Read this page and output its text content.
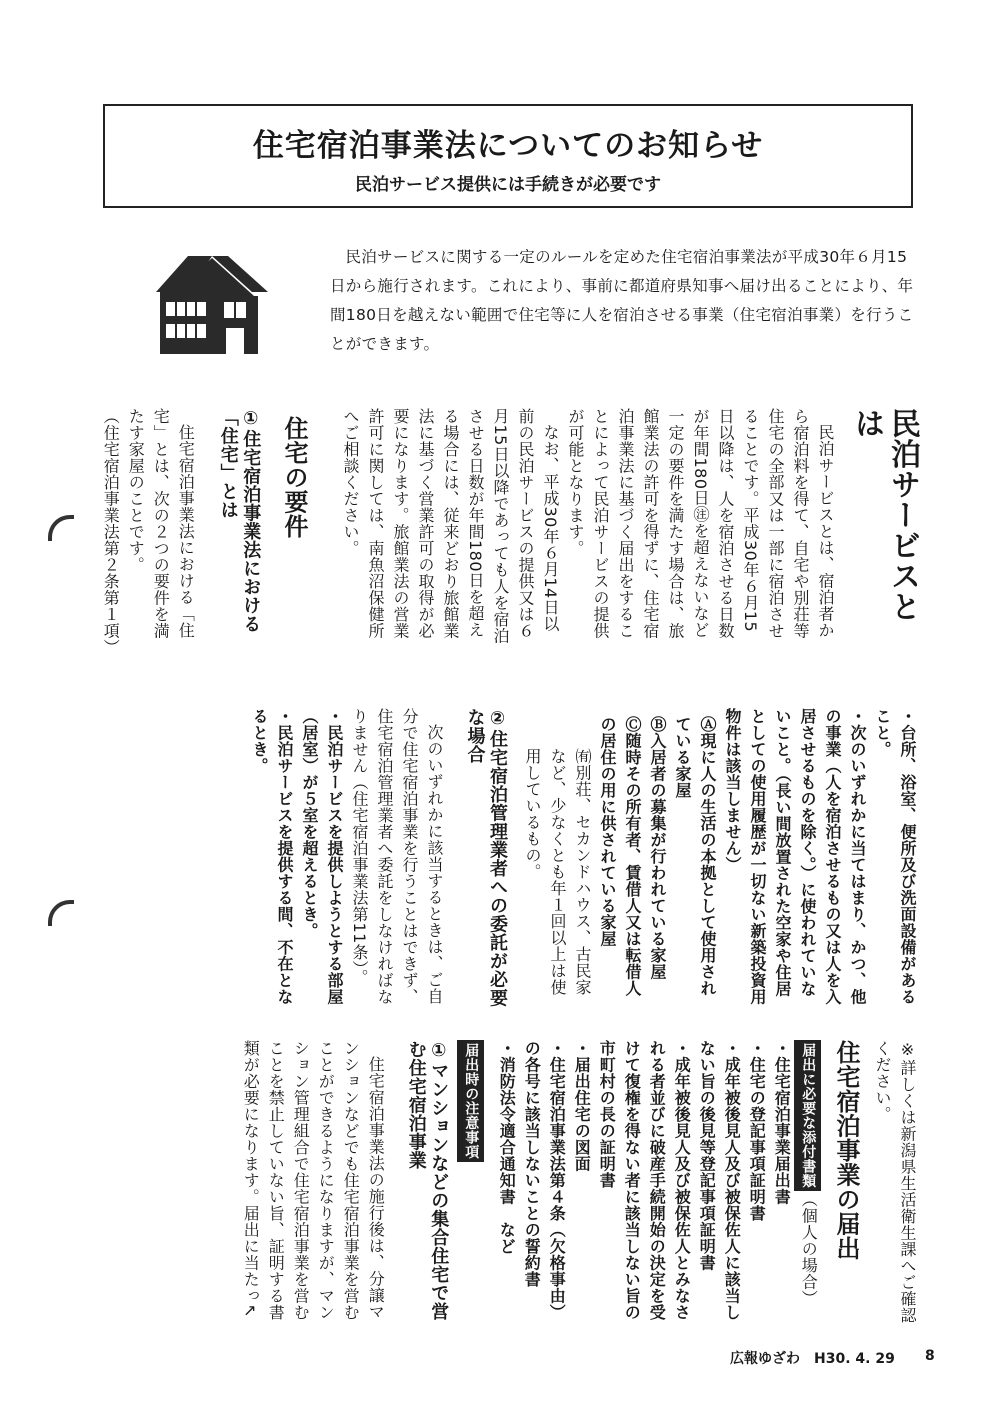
住宅宿泊事業法についてのお知らせ
民泊サービス提供には手続きが必要です

民泊サービスに関する一定のルールを定めた住宅宿泊事業法が平成30年６月15日から施行されます。これにより、事前に都道府県知事へ届け出ることにより、年間180日を越えない範囲で住宅等に人を宿泊させる事業（住宅宿泊事業）を行うことができます。

民泊サービスとは
民泊サービスとは、宿泊者から宿泊料を得て、自宅や別荘等住宅の全部又は一部に宿泊させることです。平成30年６月15日以降は、人を宿泊させる日数が年間180日㊟を超えないなど一定の要件を満たす場合は、旅館業法の許可を得ずに、住宅宿泊事業法に基づく届出をすることによって民泊サービスの提供が可能となります。
なお、平成30年６月14日以前の民泊サービスの提供又は６月15日以降であっても人を宿泊させる日数が年間180日を超える場合には、従来どおり旅館業法に基づく営業許可の取得が必要になります。旅館業法の営業許可に関しては、南魚沼保健所へご相談ください。
住宅の要件
①住宅宿泊事業法における「住宅」とは
住宅宿泊事業法における「住宅」とは、次の２つの要件を満たす家屋のことです。
（住宅宿泊事業法第２条第１項）
・台所、浴室、便所及び洗面設備があること。
・次のいずれかに当てはまり、かつ、他の事業（人を宿泊させるもの又は人を入居させるものを除く。）に使われていないこと。（長い間放置された空家や住居としての使用履歴が一切ない新築投資用物件は該当しません）
Ⓐ現に人の生活の本拠として使用されている家屋
Ⓑ入居者の募集が行われている家屋
Ⓒ随時その所有者、賃借人又は転借人の居住の用に供されている家屋
㈲別荘、セカンドハウス、古民家など、少なくとも年１回以上は使用しているもの。
②住宅宿泊管理業者への委託が必要な場合
次のいずれかに該当するときは、ご自分で住宅宿泊事業を行うことはできず、住宅宿泊管理業者へ委託をしなければなりません（住宅宿泊事業法第11条）。
・民泊サービスを提供しようとする部屋（居室）が５室を超えるとき。
・民泊サービスを提供する間、不在となるとき。
※詳しくは新潟県生活衛生課へご確認ください。
住宅宿泊事業の届出
届出に必要な添付書類（個人の場合）
・住宅宿泊事業届出書
・住宅の登記事項証明書
・成年被後見人及び被保佐人に該当しない旨の後見等登記事項証明書
・成年被後見人及び被保佐人とみなされる者並びに破産手続開始の決定を受けて復権を得ない者に該当しない旨の市町村の長の証明書
・届出住宅の図面
・住宅宿泊事業法第４条（欠格事由）の各号に該当しないことの誓約書
・消防法令適合通知書　など
届出時の注意事項
①マンションなどの集合住宅で営む住宅宿泊事業
住宅宿泊事業法の施行後は、分譲マンションなどでも住宅宿泊事業を営むことができるようになりますが、マンション管理組合で住宅宿泊事業を営むことを禁止していない旨、証明する書類が必要になります。届出に当たっ↖
広報ゆざわ　H30. 4. 29	8
